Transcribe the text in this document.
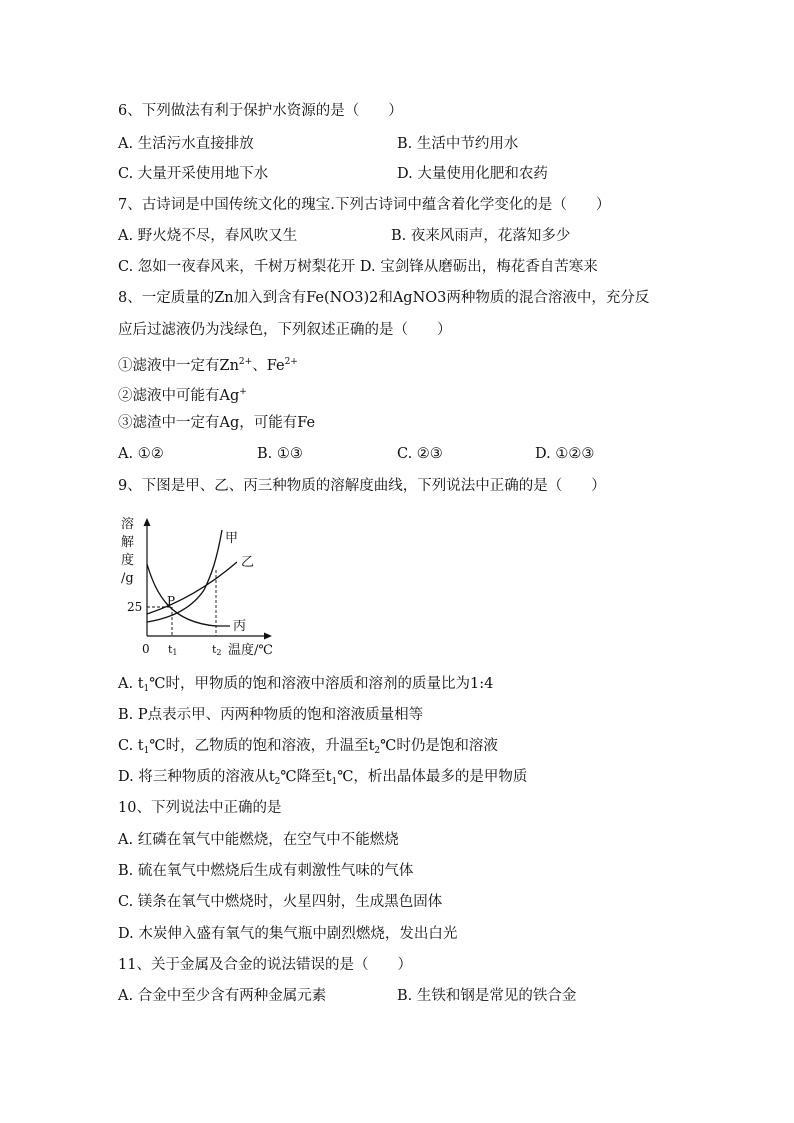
6、下列做法有利于保护水资源的是（　　）
A. 生活污水直接排放	B. 生活中节约用水
C. 大量开采使用地下水	D. 大量使用化肥和农药
7、古诗词是中国传统文化的瑰宝.下列古诗词中蕴含着化学变化的是（　　）
A. 野火烧不尽，春风吹又生	B. 夜来风雨声，花落知多少
C. 忽如一夜春风来，千树万树梨花开 D. 宝剑锋从磨砺出，梅花香自苦寒来
8、一定质量的Zn加入到含有Fe(NO3)2和AgNO3两种物质的混合溶液中，充分反
应后过滤液仍为浅绿色，下列叙述正确的是（　　）
①滤液中一定有$Zn^{2+}$、$Fe^{2+}$
②滤液中可能有Ag+
③滤渣中一定有Ag，可能有Fe
A. ①②	B. ①③	C. ②③	D. ①②③
9、下图是甲、乙、丙三种物质的溶解度曲线，下列说法中正确的是（　　）
溶
解
度
/g
甲
乙
丙
P
25
0 t1	t2 温度/℃
A. $t_1℃$时，甲物质的饱和溶液中溶质和溶剂的质量比为1:4
B. P点表示甲、丙两种物质的饱和溶液质量相等
C. $t_1℃$时，乙物质的饱和溶液，升温至$t_2℃$时仍是饱和溶液
D. 将三种物质的溶液从$t_2℃$降至$t_1℃$，析出晶体最多的是甲物质
10、下列说法中正确的是
A. 红磷在氧气中能燃烧，在空气中不能燃烧
B. 硫在氧气中燃烧后生成有刺激性气味的气体
C. 镁条在氧气中燃烧时，火星四射，生成黑色固体
D. 木炭伸入盛有氧气的集气瓶中剧烈燃烧，发出白光
11、关于金属及合金的说法错误的是（　　）
A. 合金中至少含有两种金属元素	B. 生铁和钢是常见的铁合金
